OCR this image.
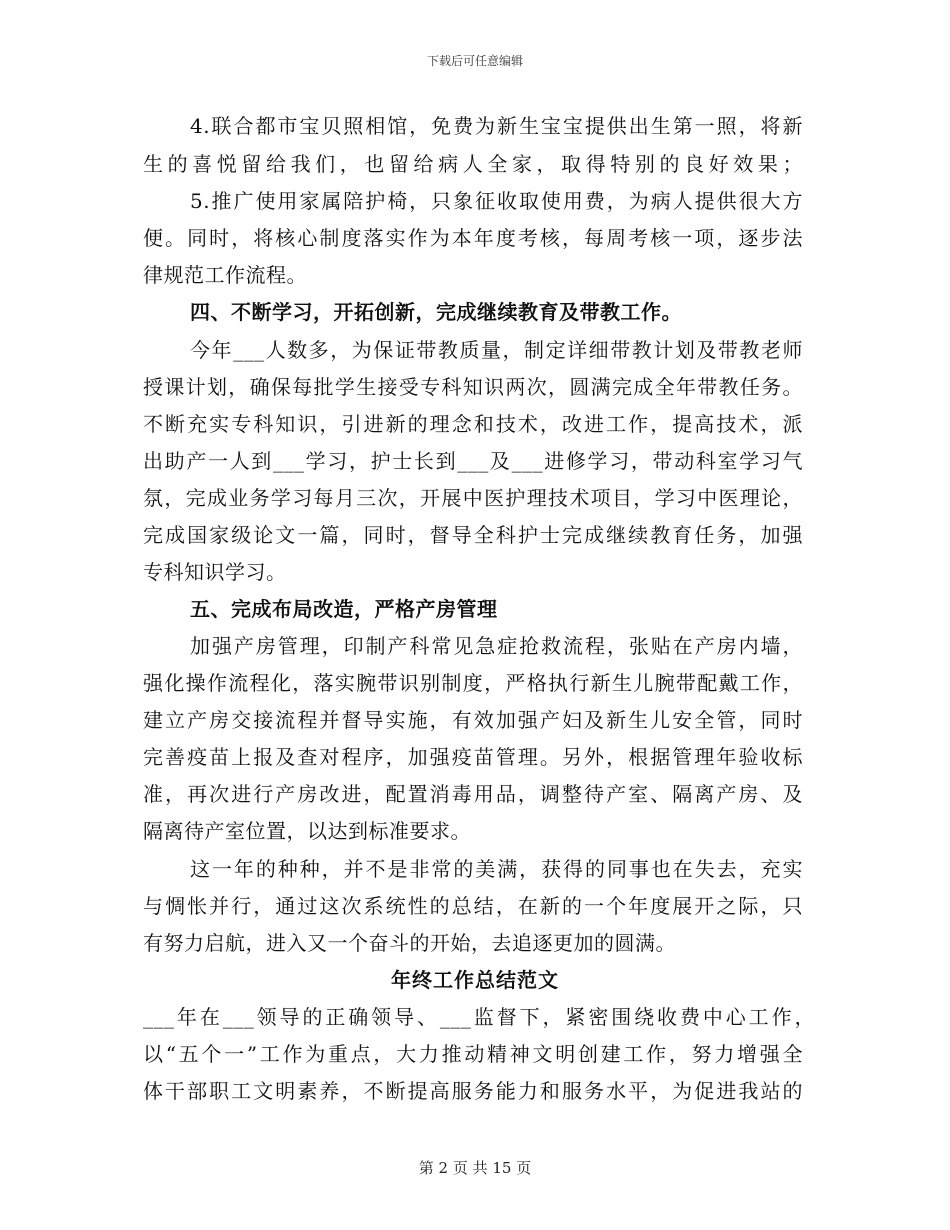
下载后可任意编辑
4.联合都市宝贝照相馆，免费为新生宝宝提供出生第一照，将新
生的喜悦留给我们，也留给病人全家，取得特别的良好效果；
5.推广使用家属陪护椅，只象征收取使用费，为病人提供很大方
便。同时，将核心制度落实作为本年度考核，每周考核一项，逐步法
律规范工作流程。
四、不断学习，开拓创新，完成继续教育及带教工作。
今年___人数多，为保证带教质量，制定详细带教计划及带教老师
授课计划，确保每批学生接受专科知识两次，圆满完成全年带教任务。
不断充实专科知识，引进新的理念和技术，改进工作，提高技术，派
出助产一人到___学习，护士长到___及___进修学习，带动科室学习气
氛，完成业务学习每月三次，开展中医护理技术项目，学习中医理论，
完成国家级论文一篇，同时，督导全科护士完成继续教育任务，加强
专科知识学习。
五、完成布局改造，严格产房管理
加强产房管理，印制产科常见急症抢救流程，张贴在产房内墙，
强化操作流程化，落实腕带识别制度，严格执行新生儿腕带配戴工作，
建立产房交接流程并督导实施，有效加强产妇及新生儿安全管，同时
完善疫苗上报及查对程序，加强疫苗管理。另外，根据管理年验收标
准，再次进行产房改进，配置消毒用品，调整待产室、隔离产房、及
隔离待产室位置，以达到标准要求。
这一年的种种，并不是非常的美满，获得的同事也在失去，充实
与惆怅并行，通过这次系统性的总结，在新的一个年度展开之际，只
有努力启航，进入又一个奋斗的开始，去追逐更加的圆满。
年终工作总结范文
___年在___领导的正确领导、___监督下，紧密围绕收费中心工作，
以“五个一”工作为重点，大力推动精神文明创建工作，努力增强全
体干部职工文明素养，不断提高服务能力和服务水平，为促进我站的
第 2 页 共 15 页
